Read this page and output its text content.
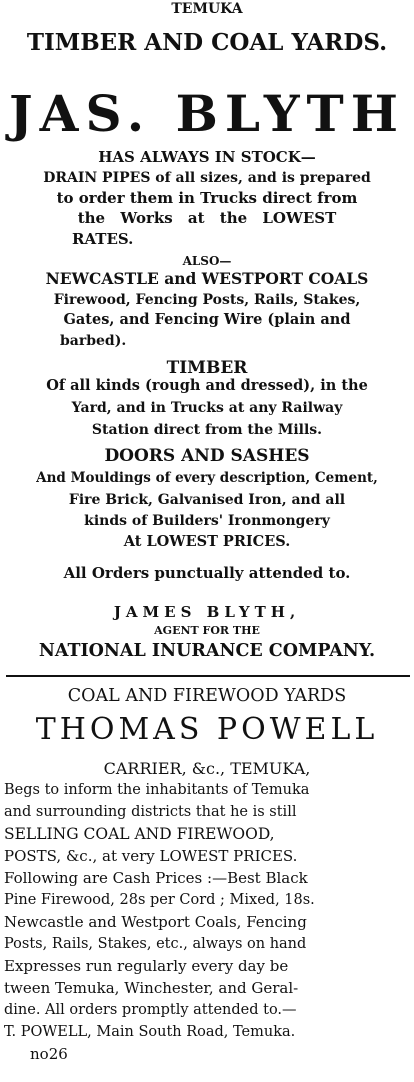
TEMUKA
TIMBER AND COAL YARDS.
JAS. BLYTH
HAS ALWAYS IN STOCK—
DRAIN PIPES of all sizes, and is prepared
to order them in Trucks direct from
the Works at the LOWEST
RATES.
ALSO—
NEWCASTLE and WESTPORT COALS
Firewood, Fencing Posts, Rails, Stakes,
Gates, and Fencing Wire (plain and
barbed).
TIMBER
Of all kinds (rough and dressed), in the
Yard, and in Trucks at any Railway
Station direct from the Mills.
DOORS AND SASHES
And Mouldings of every description, Cement,
Fire Brick, Galvanised Iron, and all
kinds of Builders' Ironmongery
At LOWEST PRICES.
All Orders punctually attended to.
JAMES BLYTH,
AGENT FOR THE
NATIONAL INURANCE COMPANY.
COAL AND FIREWOOD YARDS
THOMAS POWELL
CARRIER, &c., TEMUKA,
Begs to inform the inhabitants of Temuka
and surrounding districts that he is still
SELLING COAL AND FIREWOOD,
POSTS, &c., at very LOWEST PRICES.
Following are Cash Prices :—Best Black
Pine Firewood, 28s per Cord ; Mixed, 18s.
Newcastle and Westport Coals, Fencing
Posts, Rails, Stakes, etc., always on hand
Expresses run regularly every day be
tween Temuka, Winchester, and Geral-
dine. All orders promptly attended to.—
T. POWELL, Main South Road, Temuka.
no26
